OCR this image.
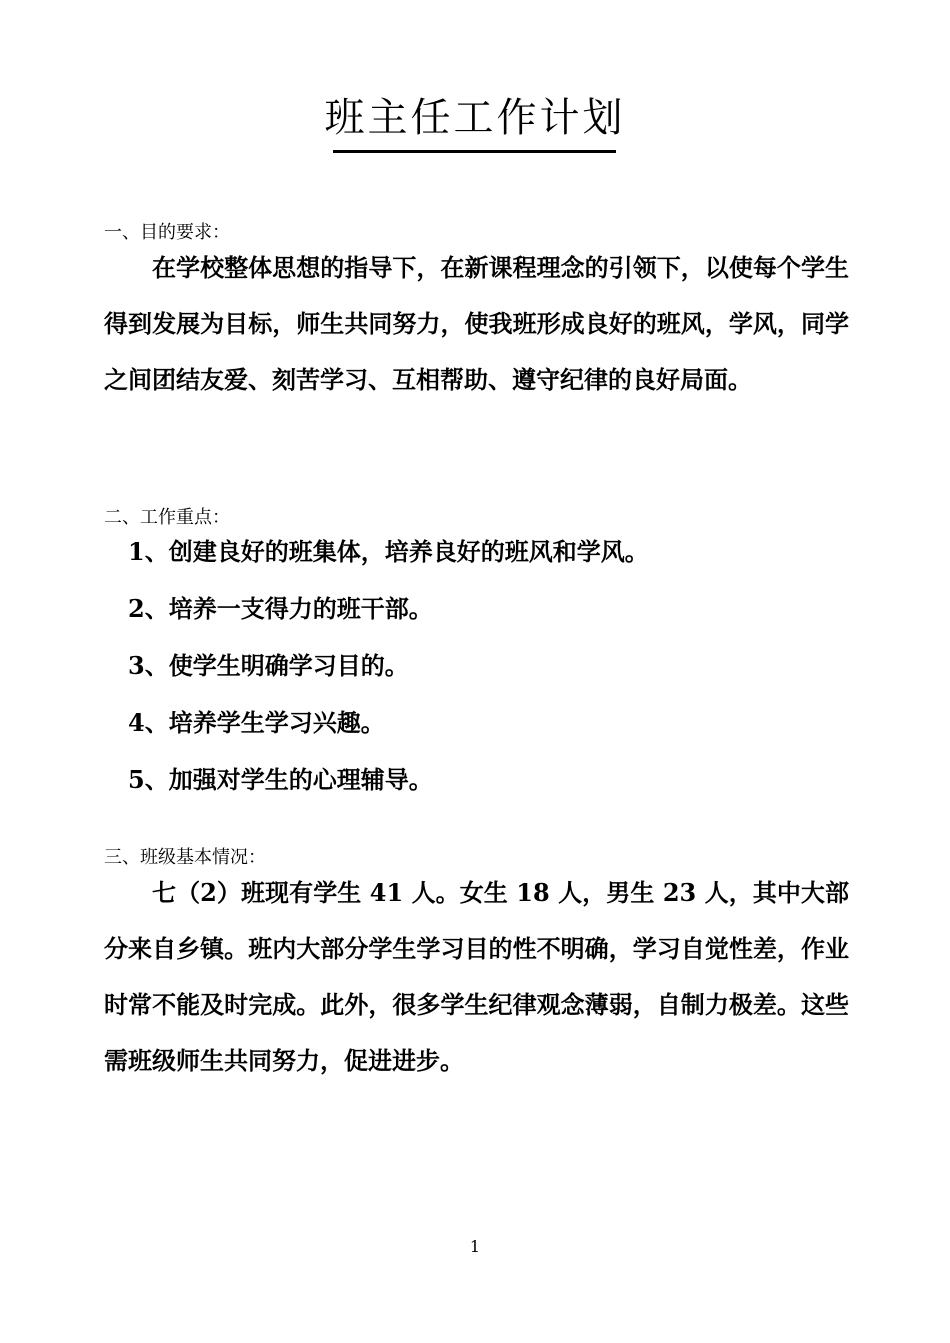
班主任工作计划
一、目的要求：

在学校整体思想的指导下，在新课程理念的引领下，以使每个学生得到发展为目标，师生共同努力，使我班形成良好的班风，学风，同学之间团结友爱、刻苦学习、互相帮助、遵守纪律的良好局面。

二、工作重点：
1、创建良好的班集体，培养良好的班风和学风。
2、培养一支得力的班干部。
3、使学生明确学习目的。
4、培养学生学习兴趣。
5、加强对学生的心理辅导。
三、班级基本情况：

七（2）班现有学生 41 人。女生 18 人，男生 23 人，其中大部分来自乡镇。班内大部分学生学习目的性不明确，学习自觉性差，作业时常不能及时完成。此外，很多学生纪律观念薄弱，自制力极差。这些需班级师生共同努力，促进进步。

1
